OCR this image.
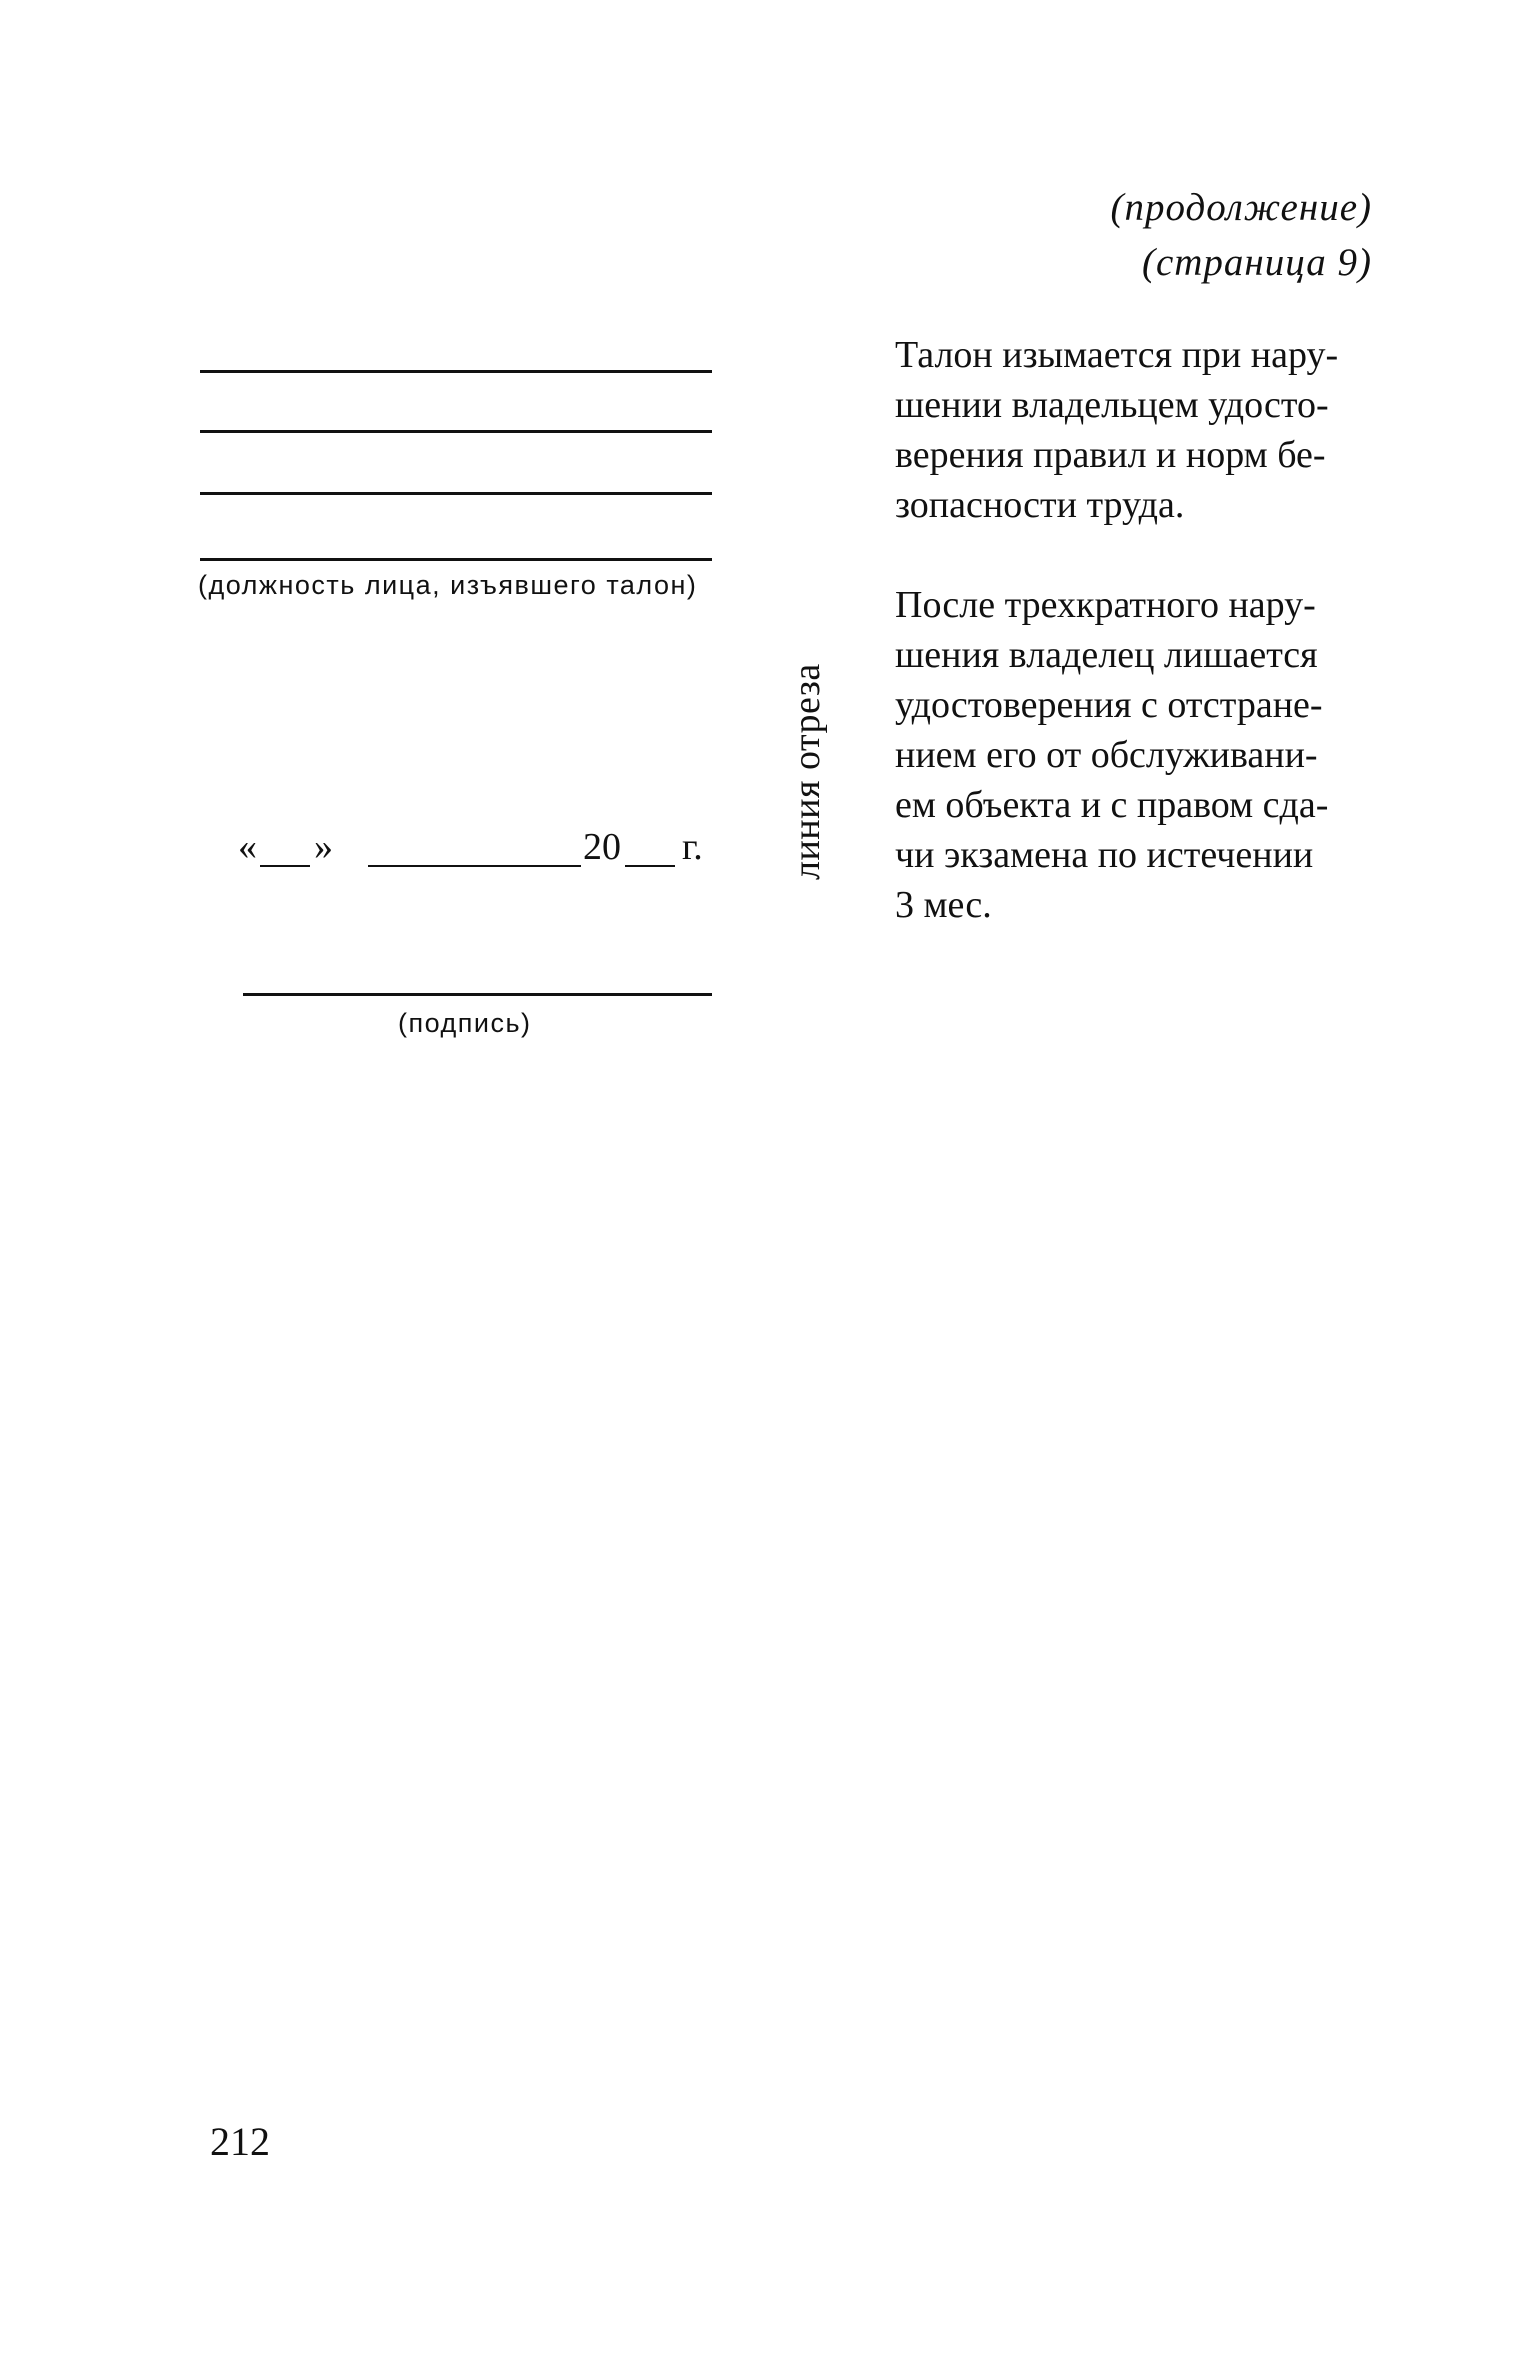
(продолжение)
(страница 9)
(должность лица, изъявшего талон)
« »	20 г.
(подпись)
линия отреза

Талон изымается при нару-
шении владельцем удосто-
верения правил и норм бе-
зопасности труда.

После трехкратного нару-
шения владелец лишается
удостоверения с отстране-
нием его от обслуживани-
ем объекта и с правом сда-
чи экзамена по истечении
3 мес.

212
